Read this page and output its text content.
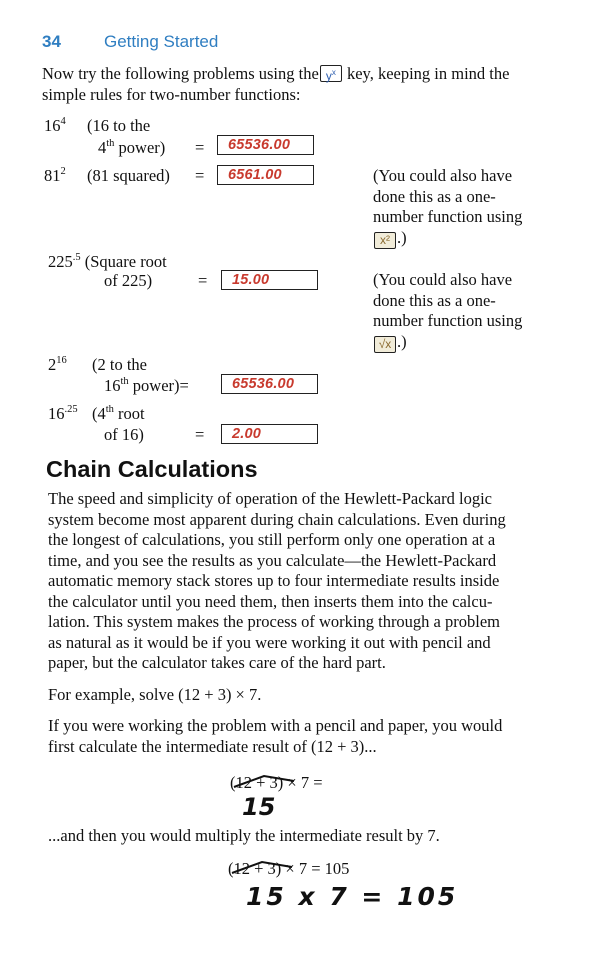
34	Getting Started
Now try the following problems using the $y^x$ key, keeping in mind the
simple rules for two-number functions:
$16^4$ (16 to the
4th power) = 65536.00
$81^2$ (81 squared) = 6561.00	(You could also have
done this as a one-
number function using
x² .)
$225^{.5}$ (Square root
of 225)	= 15.00	(You could also have
done this as a one-
number function using
√x .)
$2^{16}$ (2 to the
16th power)=	65536.00
$16^{.25}$ (4th root
of 16)	= 2.00
Chain Calculations
The speed and simplicity of operation of the Hewlett-Packard logic
system become most apparent during chain calculations. Even during
the longest of calculations, you still perform only one operation at a
time, and you see the results as you calculate—the Hewlett-Packard
automatic memory stack stores up to four intermediate results inside
the calculator until you need them, then inserts them into the calcu-
lation. This system makes the process of working through a problem
as natural as it would be if you were working it out with pencil and
paper, but the calculator takes care of the hard part.
For example, solve (12 + 3) × 7.
If you were working the problem with a pencil and paper, you would
first calculate the intermediate result of (12 + 3)...
(12 + 3)
× 7 =
15
...and then you would multiply the intermediate result by 7.
(12 + 3)
× 7 = 105
15 x 7 = 105
